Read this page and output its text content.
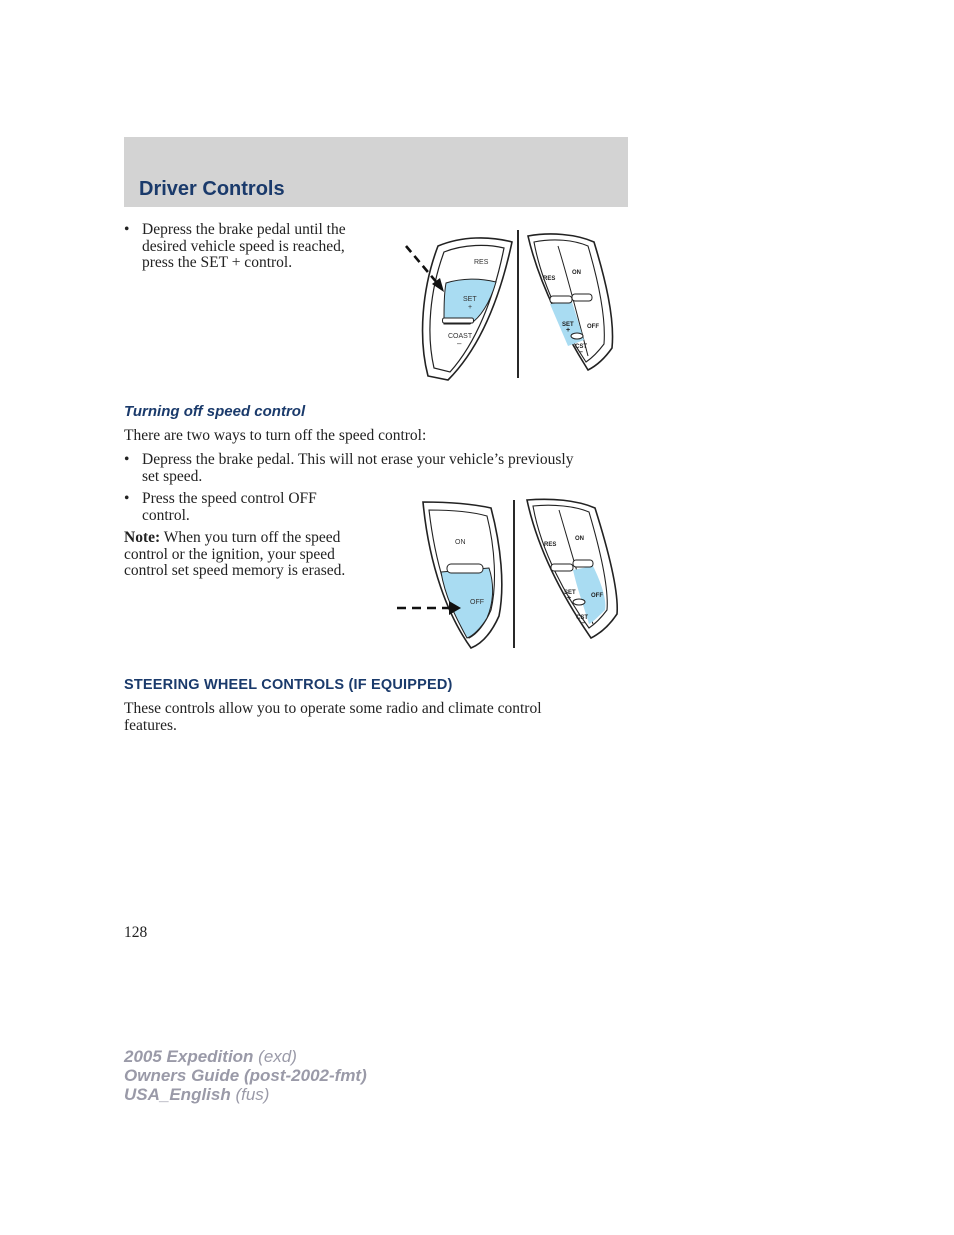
Driver Controls
• Depress the brake pedal until the
desired vehicle speed is reached,
press the SET + control.	RES
SET
+
COAST
–
RES
ON
SET
+	OFF
CST
–
Turning off speed control
There are two ways to turn off the speed control:
• Depress the brake pedal. This will not erase your vehicle’s previously
set speed.
• Press the speed control OFF
control.
Note: When you turn off the speed
control or the ignition, your speed
control set speed memory is erased.
ON
OFF
RES
ON
SET
+	OFF
CST
–
STEERING WHEEL CONTROLS (IF EQUIPPED)
These controls allow you to operate some radio and climate control
features.
128
2005 Expedition (exd)
Owners Guide (post-2002-fmt)
USA_English (fus)
